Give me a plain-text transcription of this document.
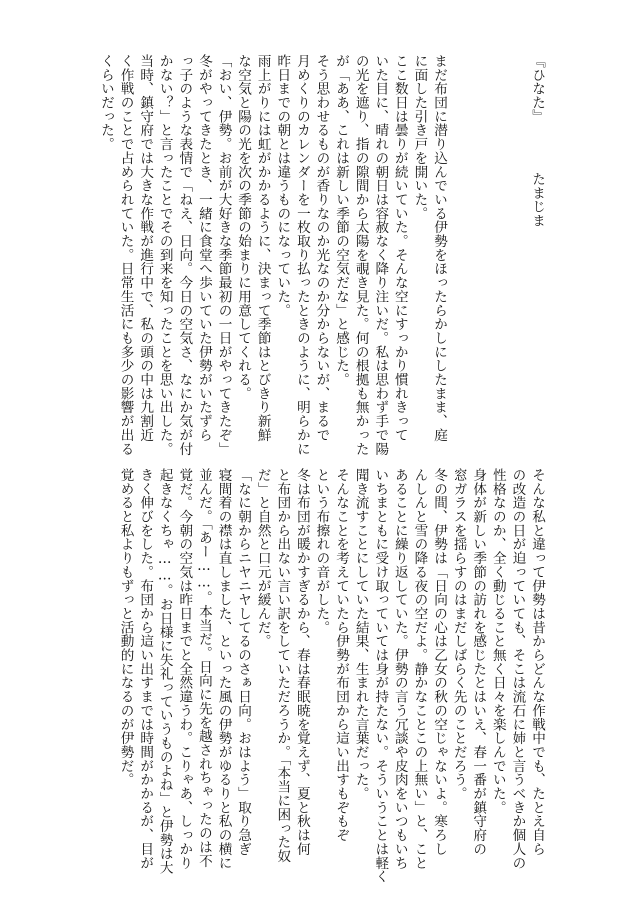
『ひなた』

たまじま

まだ布団に潜り込んでいる伊勢をほったらかしにしたまま、庭

に面した引き戸を開いた。

ここ数日は曇りが続いていた。そんな空にすっかり慣れきって

いた目に、晴れの朝日は容赦なく降り注いだ。私は思わず手で陽

の光を遮り、指の隙間から太陽を覗き見た。何の根拠も無かった

が「ああ、これは新しい季節の空気だな」と感じた。

そう思わせるものが香りなのか光なのか分からないが、まるで

月めくりのカレンダーを一枚取り払ったときのように、明らかに

昨日までの朝とは違うものになっていた。

雨上がりには虹がかかるように、決まって季節はとびきり新鮮

な空気と陽の光を次の季節の始まりに用意してくれる。

「おい、伊勢。お前が大好きな季節最初の一日がやってきたぞ」

冬がやってきたとき、一緒に食堂へ歩いていた伊勢がいたずら

っ子のような表情で「ねえ、日向。今日の空気さ、なにか気が付

かない？」と言ったことでその到来を知ったことを思い出した。

当時、鎮守府では大きな作戦が進行中で、私の頭の中は九割近

く作戦のことで占められていた。日常生活にも多少の影響が出る

くらいだった。

そんな私と違って伊勢は昔からどんな作戦中でも、たとえ自ら

の改造の日が迫っていても、そこは流石に姉と言うべきか個人の

性格なのか、全く動じること無く日々を楽しんでいた。

身体が新しい季節の訪れを感じたとはいえ、春一番が鎮守府の

窓ガラスを揺らすのはまだしばらく先のことだろう。

冬の間、伊勢は「日向の心は乙女の秋の空じゃないよ。寒ろし

んしんと雪の降る夜の空だよ。静かなことこの上無い」と、こと

あることに繰り返していた。伊勢の言う冗談や皮肉をいつもいち

いちまともに受け取っていては身が持たない。そういうことは軽く

聞き流すことにしていた結果、生まれた言葉だった。

そんなことを考えていたら伊勢が布団から這い出すもぞもぞ

という布擦れの音がした。

冬は布団が暖かすぎるから、春は春眠暁を覚えず、夏と秋は何

と布団から出ない言い訳をしていただろうか。「本当に困った奴

だ」と自然と口元が緩んだ。

「なに朝からニヤニヤしてるのさぁ日向。おはよう」取り急ぎ

寝間着の襟は直しました、といった風の伊勢がゆるりと私の横に

並んだ。「あー……。本当だ。日向に先を越されちゃったのは不

覚だ。今朝の空気は昨日までと全然違うわ。こりゃあ、しっかり

起きなくちゃ……。お日様に失礼っていうものよね」と伊勢は大

きく伸びをした。布団から這い出すまでは時間がかかるが、目が

覚めると私よりもずっと活動的になるのが伊勢だ。
